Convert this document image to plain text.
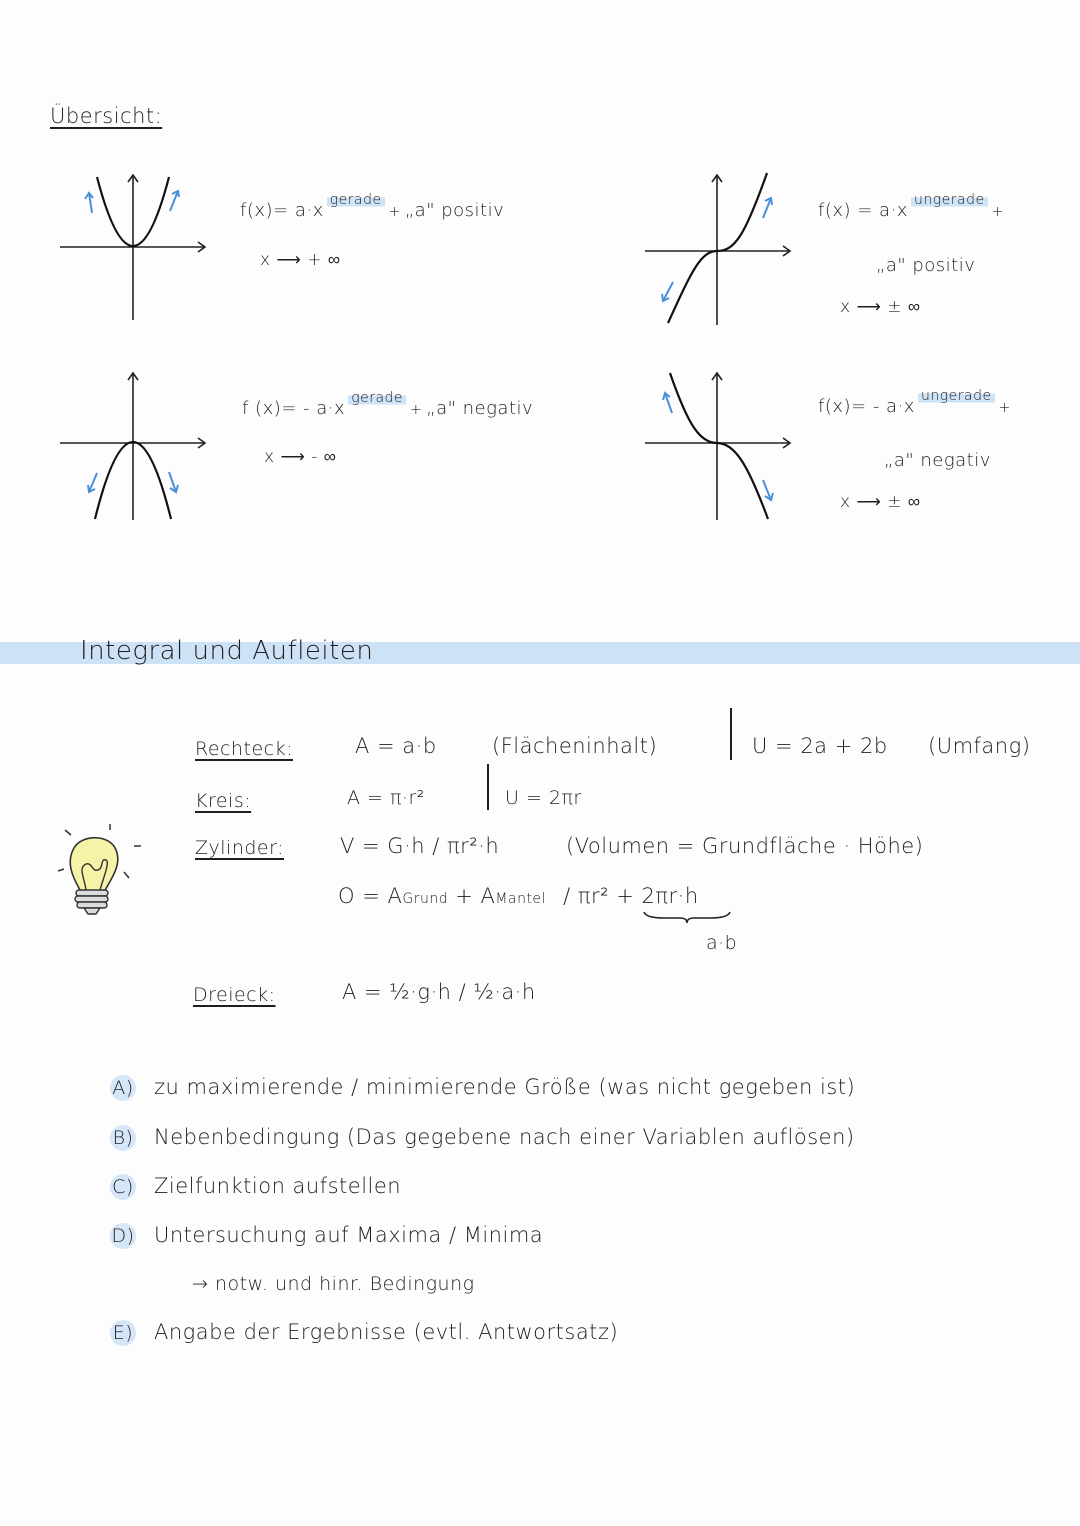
Übersicht:
f(x)= a·x $^{gerade}$+ „a" positiv
x ⟶ + ∞
f(x) = a·x $^{ungerade}$+
„a" positiv
x ⟶ ± ∞
f (x)= - a·x $^{gerade}$+ „a" negativ
x ⟶ - ∞
f(x)= - a·x $^{ungerade}$+
„a" negativ
x ⟶ ± ∞
Integral und Aufleiten
Rechteck:	A = a·b	(Flächeninhalt)	U = 2a + 2b (Umfang)
Kreis:	A = π·r²	U = 2πr
Zylinder:	V = G·h / πr²·h	(Volumen = Grundfläche · Höhe)
O = AGrund + AMantel / πr² + 2πr·h
a·b
Dreieck:	A = ½·g·h / ½·a·h
A) zu maximierende / minimierende Größe (was nicht gegeben ist)
B) Nebenbedingung (Das gegebene nach einer Variablen auflösen)
C) Zielfunktion aufstellen
D) Untersuchung auf Maxima / Minima
→ notw. und hinr. Bedingung
E) Angabe der Ergebnisse (evtl. Antwortsatz)
